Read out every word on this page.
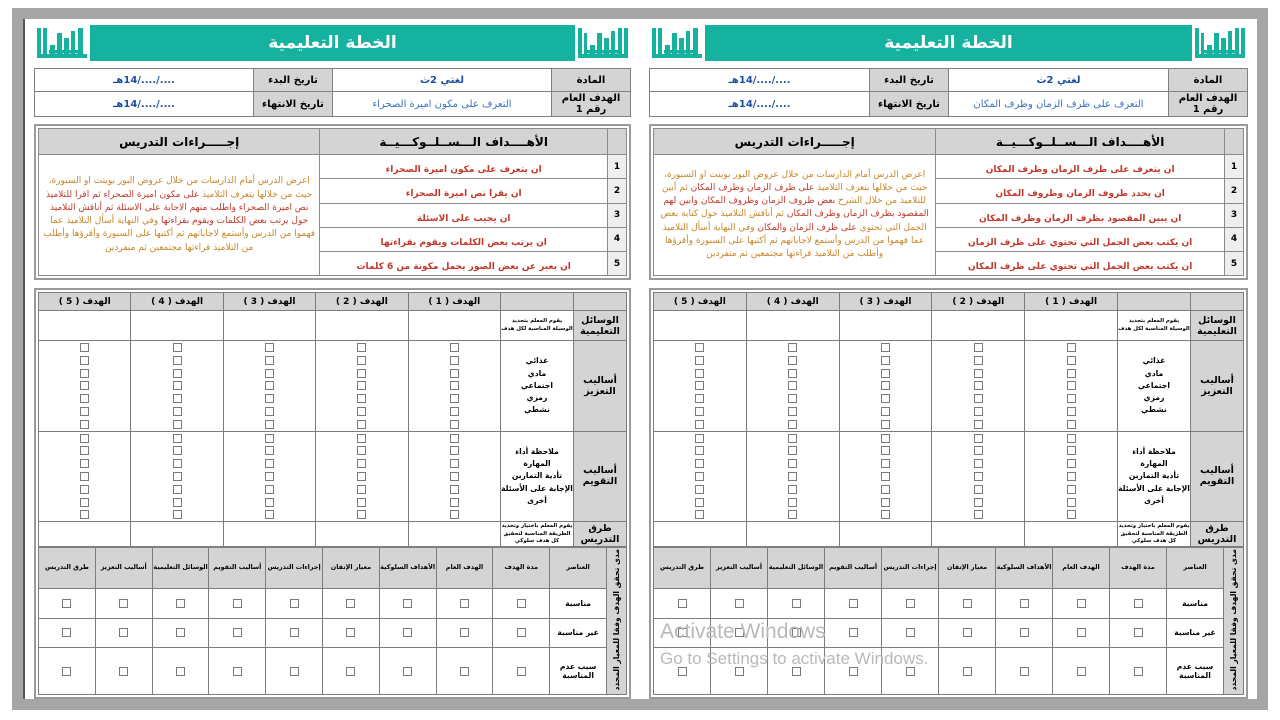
الخطة التعليمية
المادة	لغتي 2ث	تاريخ البدء	..../..../14هـ
الهدف العام رقم 1	التعرف على ظرف الزمان وظرف المكان	تاريخ الانتهاء	..../..../14هـ
	الأهــــداف الـــســلــوكـــيــة	إجـــــراءات التدريس
1	ان يتعرف على ظرف الزمان وظرف المكان	اعرض الدرس أمام الدارسات من خلال عروض البور بوينت او السبورة، حيث من خلالها يتعرف التلاميذ على ظرف الزمان وظرف المكان ثم أبين للتلاميذ من خلال الشرح بعض ظروف الزمان وظروف المكان وابين لهم المقصود بظرف الزمان وظرف المكان ثم أناقش التلاميذ حول كتابة بعض الجمل التي تحتوي على ظرف الزمان والمكان وفي النهاية أسأل التلاميذ عما فهموا من الدرس وأستمع لاجاباتهم ثم أكتبها على السبورة وأقرؤها وأطلب من التلاميذ قراءتها مجتمعين ثم منفردين

2	ان يحدد ظروف الزمان وظروف المكان	
3	ان يبين المقصود بظرف الزمان وظرف المكان	
4	ان يكتب بعض الجمل التي تحتوي على ظرف الزمان	
5	ان يكتب بعض الجمل التي تحتوي على ظرف المكان	
		الهدف ( 1 )	الهدف ( 2 )	الهدف ( 3 )	الهدف ( 4 )	الهدف ( 5 )
الوسائل التعليمية	يقوم المعلم بتحديد الوسيلة المناسبة لكل هدف					

أساليب التعزيز	غذائي
مادي
اجتماعي
رمزي
نشطي					

أساليب التقويم	ملاحظة أداء
المهارة
تأدية التمارين
الإجابة على الأسئلة
أخرى					

طرق التدريس	يقوم المعلم باختيار وتحديد الطريقة المناسبة لتحقيق كل هدف سلوكي					

مدى تحقق الهدف وفقا للمعيار المحدد	العناصر	مدة الهدف	الهدف العام	الأهداف السلوكية	معيار الإتقان	إجراءات التدريس	أساليب التقويم	الوسائل التعليمية	أساليب التعزيز	طرق التدريس
	مناسبة	

	غير مناسبة	

	سبب عدم المناسبة	

الخطة التعليمية
المادة	لغتي 2ث	تاريخ البدء	..../..../14هـ
الهدف العام رقم 1	التعرف على مكون اميرة الصحراء	تاريخ الانتهاء	..../..../14هـ
	الأهــــداف الـــســلــوكـــيــة	إجـــــراءات التدريس
1	ان يتعرف على مكون اميرة الصحراء	اعرض الدرس أمام الدارسات من خلال عروض البور بوينت او السبورة، حيث من خلالها يتعرف التلاميذ على مكون اميرة الصحراء ثم اقرا للتلاميذ نص اميرة الصحراء واطلب منهم الاجابة على الاسئلة ثم أناقش التلاميذ حول يرتب بعض الكلمات ويقوم بقراءتها وفي النهاية أسأل التلاميذ عما فهموا من الدرس وأستمع لاجاباتهم ثم أكتبها على السبورة وأقرؤها وأطلب من التلاميذ قراءتها مجتمعين ثم منفردين

2	ان يقرا نص اميرة الصحراء	
3	ان يجيب على الاسئلة	
4	ان يرتب بعض الكلمات ويقوم بقراءتها	
5	ان يعبر عن بعض الصور بجمل مكونة من 6 كلمات	
		الهدف ( 1 )	الهدف ( 2 )	الهدف ( 3 )	الهدف ( 4 )	الهدف ( 5 )
الوسائل التعليمية	يقوم المعلم بتحديد الوسيلة المناسبة لكل هدف					

أساليب التعزيز	غذائي
مادي
اجتماعي
رمزي
نشطي					

أساليب التقويم	ملاحظة أداء
المهارة
تأدية التمارين
الإجابة على الأسئلة
أخرى					

طرق التدريس	يقوم المعلم باختيار وتحديد الطريقة المناسبة لتحقيق كل هدف سلوكي					

مدى تحقق الهدف وفقا للمعيار المحدد	العناصر	مدة الهدف	الهدف العام	الأهداف السلوكية	معيار الإتقان	إجراءات التدريس	أساليب التقويم	الوسائل التعليمية	أساليب التعزيز	طرق التدريس
	مناسبة	

	غير مناسبة	

	سبب عدم المناسبة	

Activate Windows
Go to Settings to activate Windows.
